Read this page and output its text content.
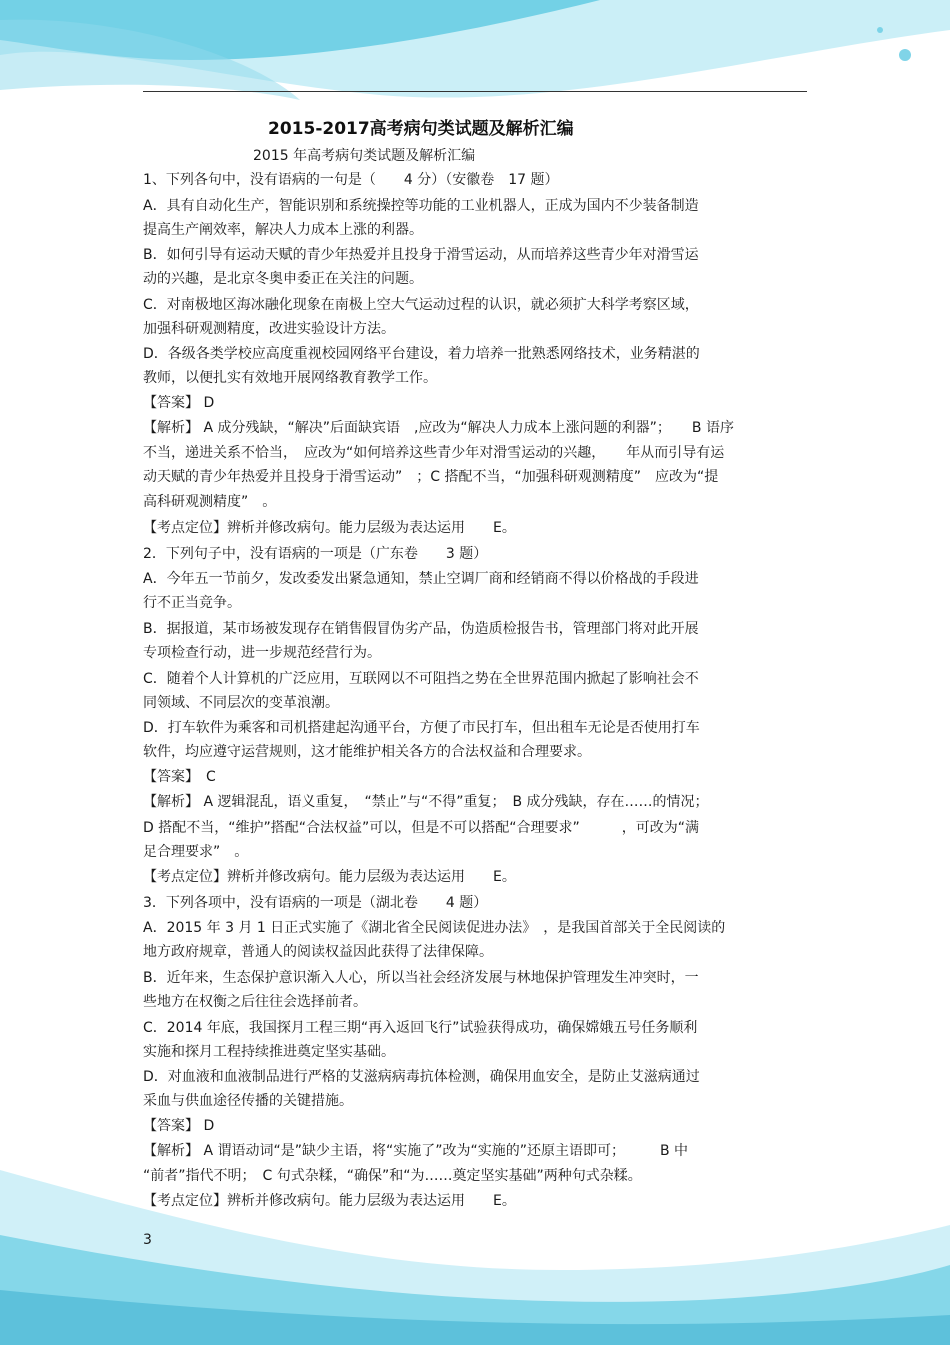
2015-2017高考病句类试题及解析汇编
2015 年高考病句类试题及解析汇编
1、下列各句中，没有语病的一句是（　　4 分）（安徽卷　17 题）
A．具有自动化生产，智能识别和系统操控等功能的工业机器人，正成为国内不少装备制造
提高生产阐效率，解决人力成本上涨的利器。
B．如何引导有运动天赋的青少年热爱并且投身于滑雪运动，从而培养这些青少年对滑雪运
动的兴趣，是北京冬奥申委正在关注的问题。
C．对南极地区海冰融化现象在南极上空大气运动过程的认识，就必须扩大科学考察区域，
加强科研观测精度，改进实验设计方法。
D．各级各类学校应高度重视校园网络平台建设，着力培养一批熟悉网络技术，业务精湛的
教师，以便扎实有效地开展网络教育教学工作。
【答案】 D
【解析】 A 成分残缺，“解决”后面缺宾语　,应改为“解决人力成本上涨问题的利器”；　　B 语序
不当，递进关系不恰当，　应改为“如何培养这些青少年对滑雪运动的兴趣，　　年从而引导有运
动天赋的青少年热爱并且投身于滑雪运动”　；C 搭配不当，“加强科研观测精度”　应改为“提
高科研观测精度”　。
【考点定位】辨析并修改病句。能力层级为表达运用　　E。
2．下列句子中，没有语病的一项是（广东卷　　3 题）
A．今年五一节前夕，发改委发出紧急通知，禁止空调厂商和经销商不得以价格战的手段进
行不正当竞争。
B．据报道，某市场被发现存在销售假冒伪劣产品，伪造质检报告书，管理部门将对此开展
专项检查行动，进一步规范经营行为。
C．随着个人计算机的广泛应用，互联网以不可阻挡之势在全世界范围内掀起了影响社会不
同领域、不同层次的变革浪潮。
D．打车软件为乘客和司机搭建起沟通平台，方便了市民打车，但出租车无论是否使用打车
软件，均应遵守运营规则，这才能维护相关各方的合法权益和合理要求。
【答案】　C
【解析】 A 逻辑混乱，语义重复，　“禁止”与“不得”重复；　B 成分残缺，存在……的情况；
D 搭配不当，“维护”搭配“合法权益”可以，但是不可以搭配“合理要求”　　　，可改为“满
足合理要求”　。
【考点定位】辨析并修改病句。能力层级为表达运用　　E。
3．下列各项中，没有语病的一项是（湖北卷　　4 题）
A．2015 年 3 月 1 日正式实施了《湖北省全民阅读促进办法》　，是我国首部关于全民阅读的
地方政府规章，普通人的阅读权益因此获得了法律保障。
B．近年来，生态保护意识渐入人心，所以当社会经济发展与林地保护管理发生冲突时，一
些地方在权衡之后往往会选择前者。
C．2014 年底，我国探月工程三期“再入返回飞行”试验获得成功，确保嫦娥五号任务顺利
实施和探月工程持续推进奠定坚实基础。
D．对血液和血液制品进行严格的艾滋病病毒抗体检测，确保用血安全，是防止艾滋病通过
采血与供血途径传播的关键措施。
【答案】 D
【解析】 A 谓语动词“是”缺少主语，将“实施了”改为“实施的”还原主语即可；　　　B 中
“前者”指代不明；　C 句式杂糅，“确保”和“为……奠定坚实基础”两种句式杂糅。
【考点定位】辨析并修改病句。能力层级为表达运用　　E。
3
